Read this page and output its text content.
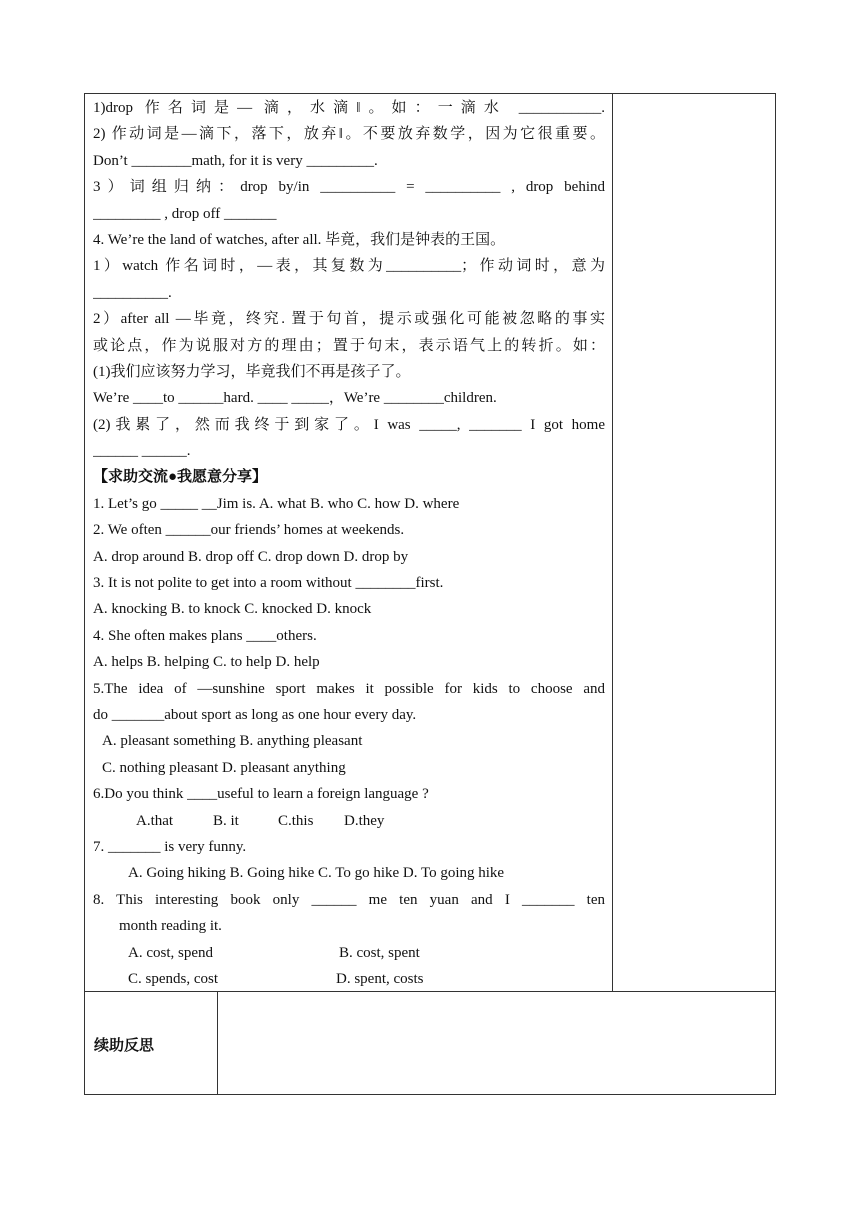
1)drop 作名词是— 滴，水滴‖。如：一滴水 ___________.
2) 作动词是—滴下，落下，放弃‖。不要放弃数学，因为它很重要。
Don’t ________math, for it is very _________.
3）词组归纳：drop by/in __________ = __________ , drop behind
_________ , drop off _______
4. We’re the land of watches, after all. 毕竟，我们是钟表的王国。
1）watch 作名词时，—表，其复数为__________；作动词时，意为
__________.
2）after all —毕竟，终究. 置于句首，提示或强化可能被忽略的事实
或论点，作为说服对方的理由；置于句末，表示语气上的转折。如：
(1)我们应该努力学习，毕竟我们不再是孩子了。
We’re ____to ______hard. ____ _____，We’re ________children.
(2)我累了，然而我终于到家了。I was _____, _______ I got home
______ ______.
【求助交流●我愿意分享】
1. Let’s go _____ __Jim is. A. what B. who C. how D. where
2. We often ______our friends’ homes at weekends.
A. drop around B. drop off C. drop down D. drop by
3. It is not polite to get into a room without ________first.
A. knocking B. to knock C. knocked D. knock
4. She often makes plans ____others.
A. helps B. helping C. to help D. help
5.The idea of —sunshine sport makes it possible for kids to choose and
do _______about sport as long as one hour every day.
A. pleasant something B. anything pleasant
C. nothing pleasant D. pleasant anything
6.Do you think ____useful to learn a foreign language ?
A.that	B. it	C.this D.they
7. _______ is very funny.
A. Going hiking B. Going hike C. To go hike D. To going hike
8. This interesting book only ______ me ten yuan and I _______ ten
month reading it.
A. cost, spend	B. cost, spent
C. spends, cost	D. spent, costs
续助反思
